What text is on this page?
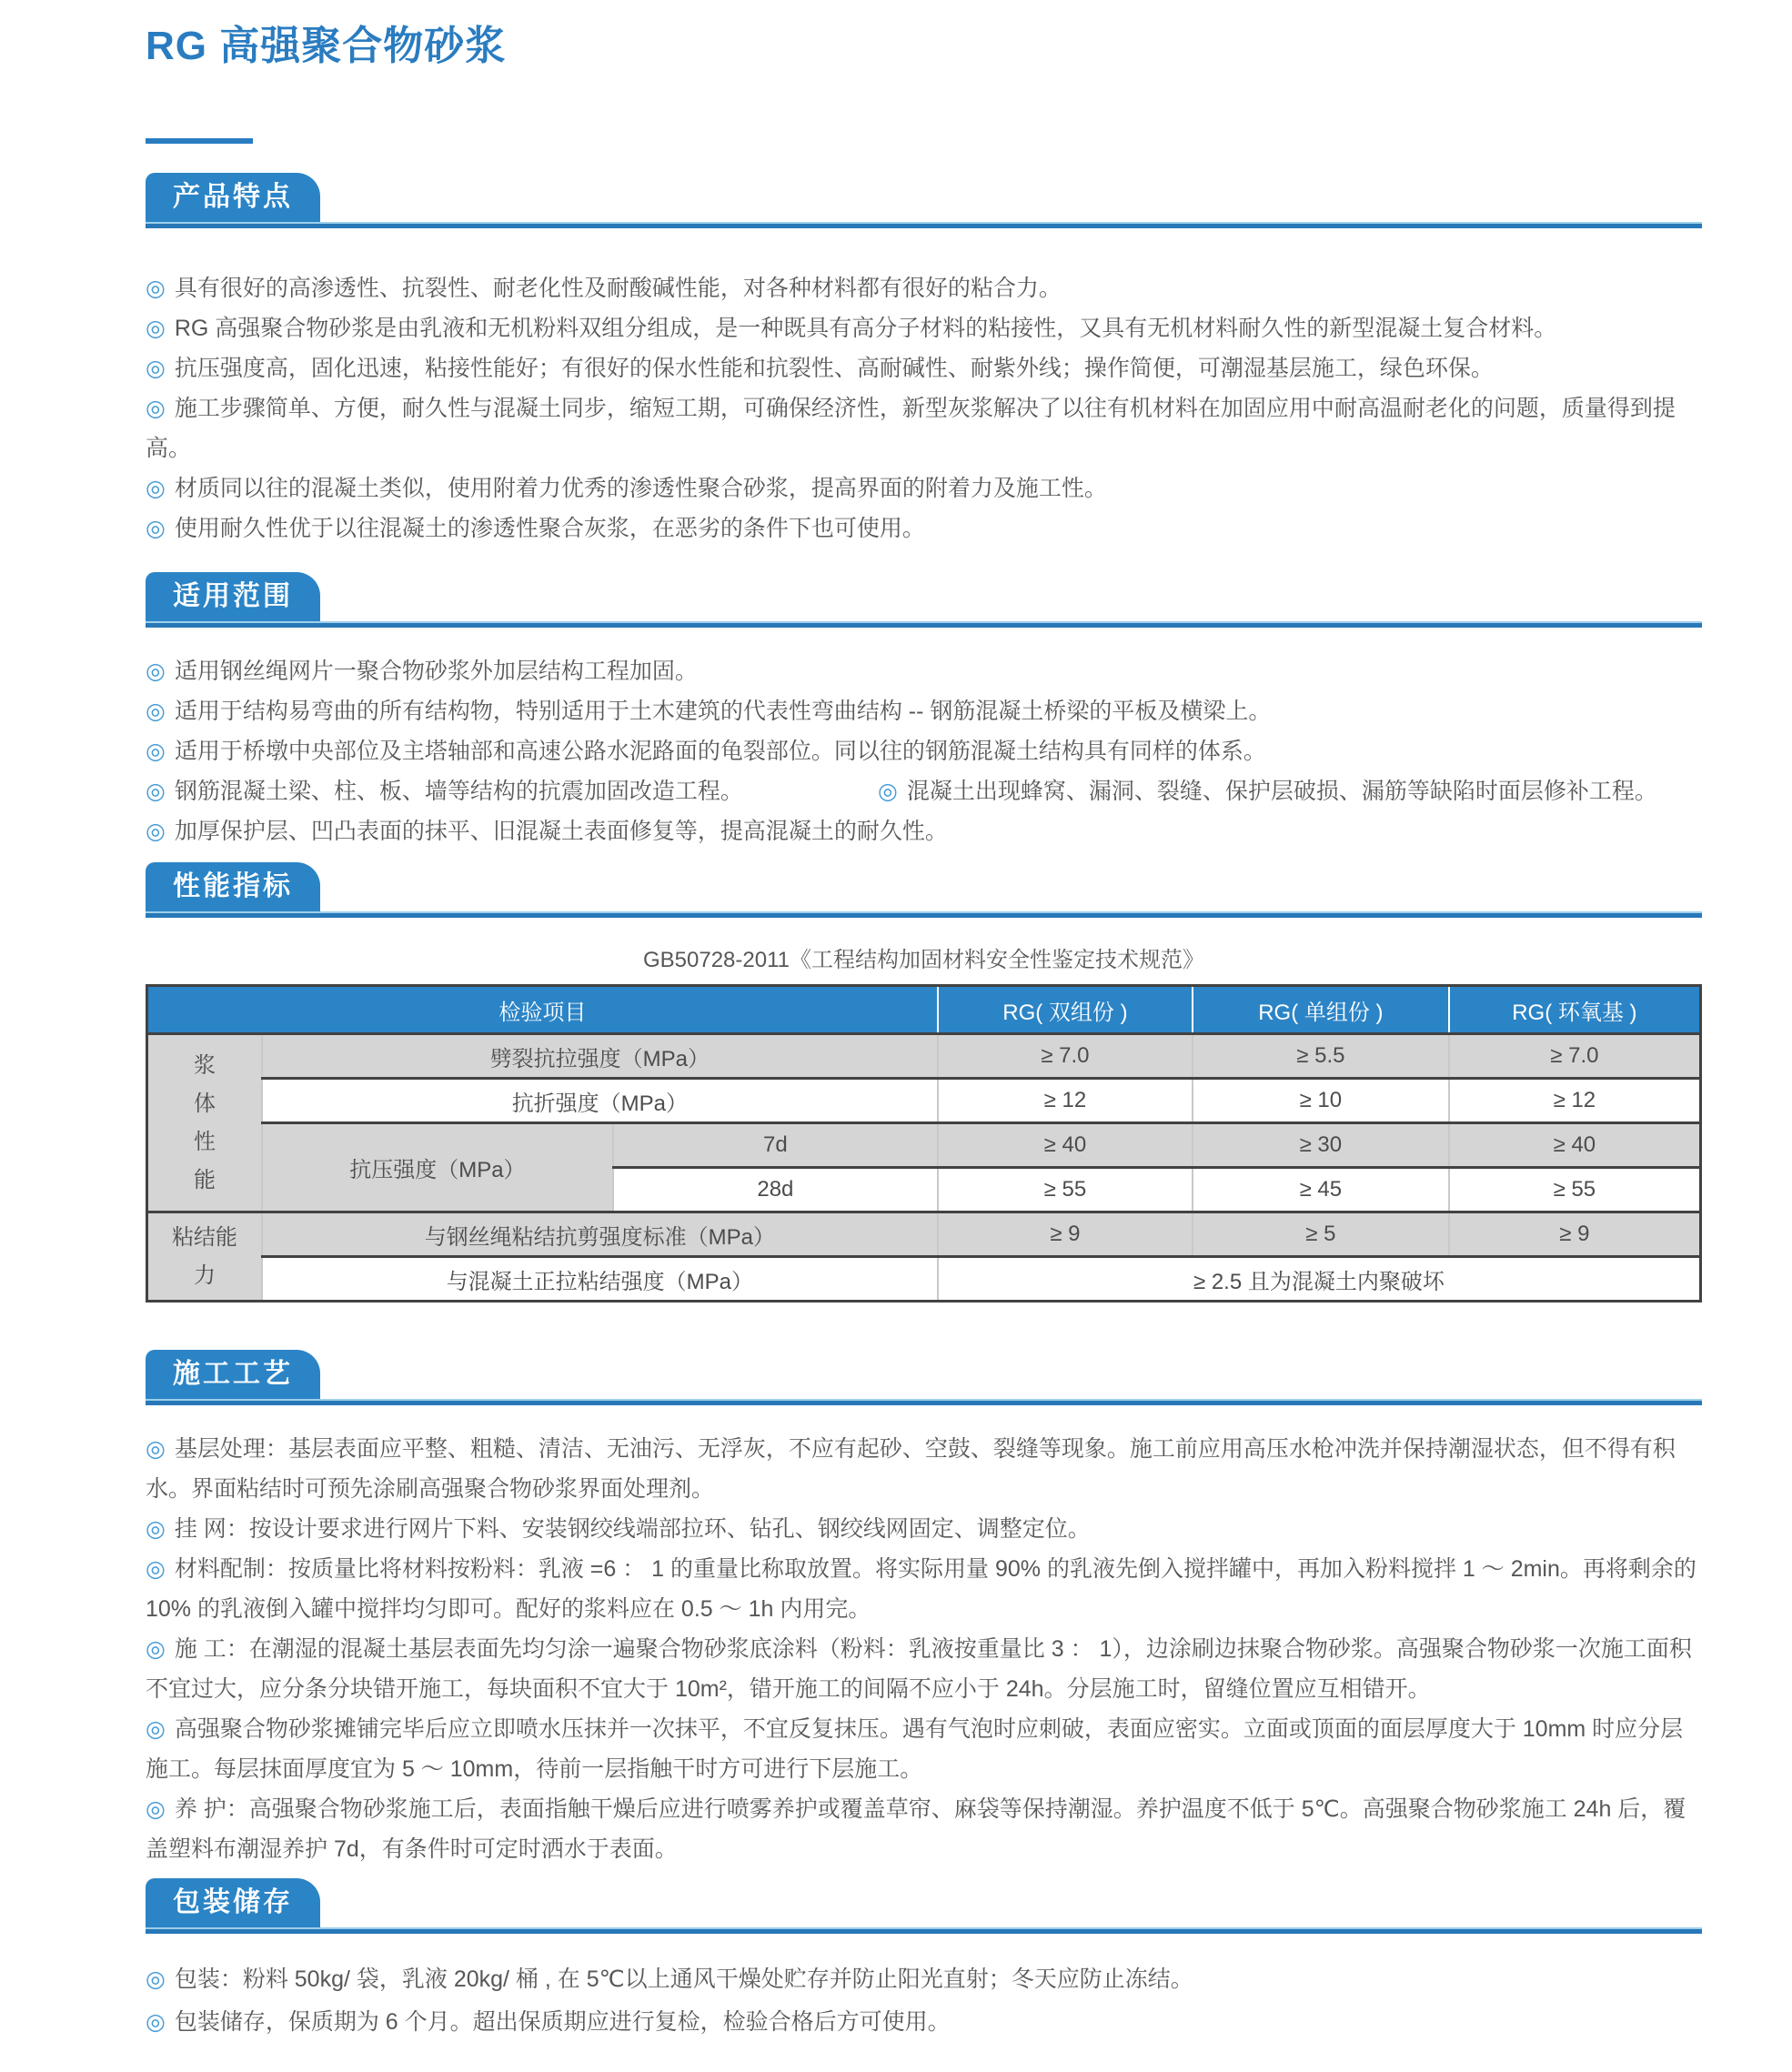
RG 高强聚合物砂浆
产品特点
◎ 具有很好的高渗透性、抗裂性、耐老化性及耐酸碱性能，对各种材料都有很好的粘合力。
◎ RG 高强聚合物砂浆是由乳液和无机粉料双组分组成，是一种既具有高分子材料的粘接性，又具有无机材料耐久性的新型混凝土复合材料。
◎ 抗压强度高，固化迅速，粘接性能好；有很好的保水性能和抗裂性、高耐碱性、耐紫外线；操作简便，可潮湿基层施工，绿色环保。
◎ 施工步骤简单、方便，耐久性与混凝土同步，缩短工期，可确保经济性，新型灰浆解决了以往有机材料在加固应用中耐高温耐老化的问题，质量得到提高。
◎ 材质同以往的混凝土类似，使用附着力优秀的渗透性聚合砂浆，提高界面的附着力及施工性。
◎ 使用耐久性优于以往混凝土的渗透性聚合灰浆，在恶劣的条件下也可使用。
适用范围
◎ 适用钢丝绳网片一聚合物砂浆外加层结构工程加固。
◎ 适用于结构易弯曲的所有结构物，特别适用于土木建筑的代表性弯曲结构 -- 钢筋混凝土桥梁的平板及横梁上。
◎ 适用于桥墩中央部位及主塔轴部和高速公路水泥路面的龟裂部位。同以往的钢筋混凝土结构具有同样的体系。
◎ 钢筋混凝土梁、柱、板、墙等结构的抗震加固改造工程。	◎ 混凝土出现蜂窝、漏洞、裂缝、保护层破损、漏筋等缺陷时面层修补工程。
◎ 加厚保护层、凹凸表面的抹平、旧混凝土表面修复等，提高混凝土的耐久性。
性能指标
GB50728-2011《工程结构加固材料安全性鉴定技术规范》
检验项目			RG( 双组份 )	RG( 单组份 )	RG( 环氧基 )
浆
体
性
能	劈裂抗拉强度（MPa）		≥ 7.0	≥ 5.5	≥ 7.0
	抗折强度（MPa）		≥ 12	≥ 10	≥ 12
	抗压强度（MPa）	7d	≥ 40	≥ 30	≥ 40
		28d	≥ 55	≥ 45	≥ 55
粘结能
力	与钢丝绳粘结抗剪强度标准（MPa）		≥ 9	≥ 5	≥ 9
	与混凝土正拉粘结强度（MPa）		≥ 2.5 且为混凝土内聚破坏		
施工工艺
◎ 基层处理：基层表面应平整、粗糙、清洁、无油污、无浮灰，不应有起砂、空鼓、裂缝等现象。施工前应用高压水枪冲洗并保持潮湿状态，但不得有积水。界面粘结时可预先涂刷高强聚合物砂浆界面处理剂。
◎ 挂 网：按设计要求进行网片下料、安装钢绞线端部拉环、钻孔、钢绞线网固定、调整定位。
◎ 材料配制：按质量比将材料按粉料：乳液 =6 ： 1 的重量比称取放置。将实际用量 90% 的乳液先倒入搅拌罐中，再加入粉料搅拌 1 ～ 2min。再将剩余的 10% 的乳液倒入罐中搅拌均匀即可。配好的浆料应在 0.5 ～ 1h 内用完。
◎ 施 工：在潮湿的混凝土基层表面先均匀涂一遍聚合物砂浆底涂料（粉料：乳液按重量比 3 ： 1），边涂刷边抹聚合物砂浆。高强聚合物砂浆一次施工面积不宜过大，应分条分块错开施工，每块面积不宜大于 10m²，错开施工的间隔不应小于 24h。分层施工时，留缝位置应互相错开。
◎ 高强聚合物砂浆摊铺完毕后应立即喷水压抹并一次抹平，不宜反复抹压。遇有气泡时应刺破，表面应密实。立面或顶面的面层厚度大于 10mm 时应分层施工。每层抹面厚度宜为 5 ～ 10mm，待前一层指触干时方可进行下层施工。
◎ 养 护：高强聚合物砂浆施工后，表面指触干燥后应进行喷雾养护或覆盖草帘、麻袋等保持潮湿。养护温度不低于 5℃。高强聚合物砂浆施工 24h 后，覆盖塑料布潮湿养护 7d，有条件时可定时洒水于表面。
包装储存
◎ 包装：粉料 50kg/ 袋，乳液 20kg/ 桶 , 在 5℃以上通风干燥处贮存并防止阳光直射；冬天应防止冻结。
◎ 包装储存，保质期为 6 个月。超出保质期应进行复检，检验合格后方可使用。
